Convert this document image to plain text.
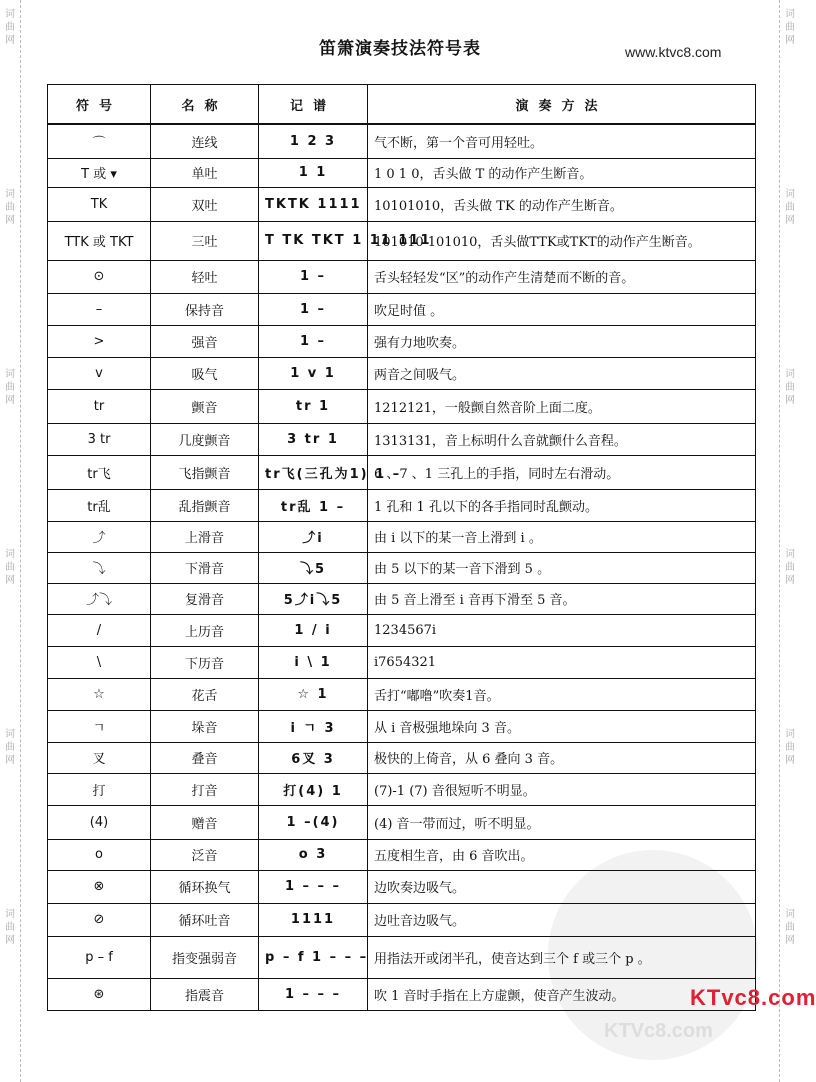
词曲网
词曲网
词曲网
词曲网
词曲网
词曲网
词曲网
词曲网
词曲网
词曲网
词曲网
词曲网
笛箫演奏技法符号表	www.ktvc8.com
符号	名称	记谱	演奏方法
⌒	连线	1 2 3	气不断，第一个音可用轻吐。
T 或 ▾	单吐	1 1	1 0 1 0，舌头做 T 的动作产生断音。
TK	双吐	TKTK 1111	10101010，舌头做 TK 的动作产生断音。
TTK 或 TKT	三吐	T TK TKT 1 11 111	101010 101010，舌头做TTK或TKT的动作产生断音。
⊙	轻吐	1 –	舌头轻轻发“区”的动作产生清楚而不断的音。
–	保持音	1 –	吹足时值 。
>	强音	1 –	强有力地吹奏。
v	吸气	1 v 1	两音之间吸气。
tr	颤音	tr 1	1212121，一般颤自然音阶上面二度。
3 tr	几度颤音	3 tr 1	1313131，音上标明什么音就颤什么音程。
tr飞	飞指颤音	tr飞(三孔为1) 1 –	6 、7 、1 三孔上的手指，同时左右滑动。
tr乱	乱指颤音	tr乱 1 –	1 孔和 1 孔以下的各手指同时乱颤动。
⤴	上滑音	⤴i	由 i 以下的某一音上滑到 i 。
⤵	下滑音	⤵5	由 5 以下的某一音下滑到 5 。
⤴⤵	复滑音	5⤴i⤵5	由 5 音上滑至 i 音再下滑至 5 音。
/	上历音	1 / i	1234567i
\	下历音	i \ 1	i7654321
☆	花舌	☆ 1	舌打“嘟噜”吹奏1音。
ㄱ	垛音	i ㄱ 3	从 i 音极强地垛向 3 音。
叉	叠音	6叉 3	极快的上倚音，从 6 叠向 3 音。
打	打音	打(4) 1	(7)-1 (7) 音很短听不明显。
(4)	赠音	1 –(4)	(4) 音一带而过，听不明显。
o	泛音	o 3	五度相生音，由 6 音吹出。
⊗	循环换气	1 – – –	边吹奏边吸气。
⊘	循环吐音	1111	边吐音边吸气。
p – f	指变强弱音	p – f 1 – – –	用指法开或闭半孔，使音达到三个 f 或三个 p 。
⊛	指震音	1 – – –	吹 1 音时手指在上方虚颤，使音产生波动。
KTVc8.com
KTvc8.com
